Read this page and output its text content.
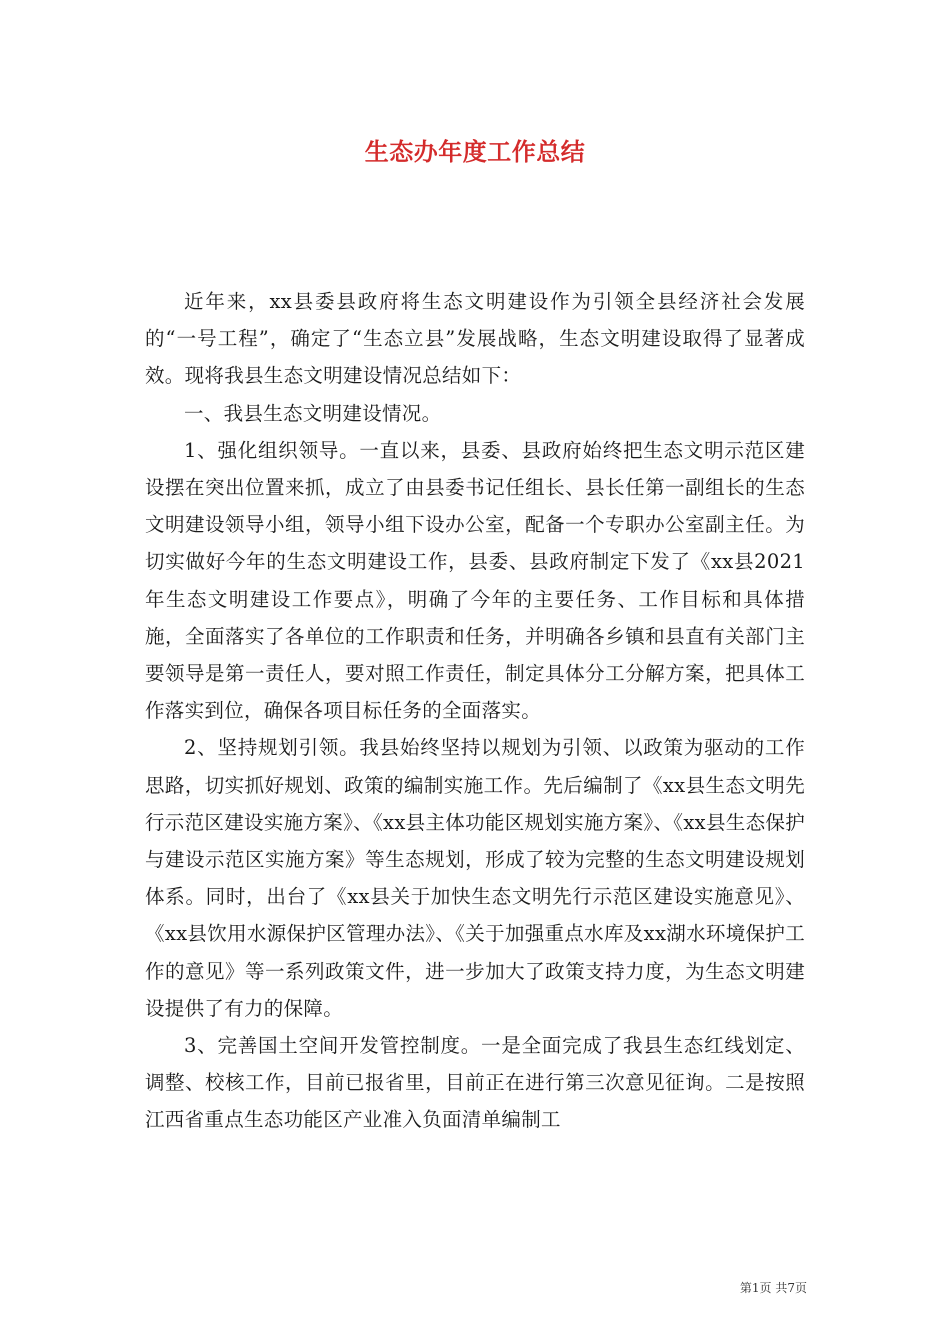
生态办年度工作总结

近年来，xx县委县政府将生态文明建设作为引领全县经济社会发展的“一号工程”，确定了“生态立县”发展战略，生态文明建设取得了显著成效。现将我县生态文明建设情况总结如下：

一、我县生态文明建设情况。

1、强化组织领导。一直以来，县委、县政府始终把生态文明示范区建设摆在突出位置来抓，成立了由县委书记任组长、县长任第一副组长的生态文明建设领导小组，领导小组下设办公室，配备一个专职办公室副主任。为切实做好今年的生态文明建设工作，县委、县政府制定下发了《xx县2021年生态文明建设工作要点》，明确了今年的主要任务、工作目标和具体措施，全面落实了各单位的工作职责和任务，并明确各乡镇和县直有关部门主要领导是第一责任人，要对照工作责任，制定具体分工分解方案，把具体工作落实到位，确保各项目标任务的全面落实。

2、坚持规划引领。我县始终坚持以规划为引领、以政策为驱动的工作思路，切实抓好规划、政策的编制实施工作。先后编制了《xx县生态文明先行示范区建设实施方案》、《xx县主体功能区规划实施方案》、《xx县生态保护与建设示范区实施方案》等生态规划，形成了较为完整的生态文明建设规划体系。同时，出台了《xx县关于加快生态文明先行示范区建设实施意见》、《xx县饮用水源保护区管理办法》、《关于加强重点水库及xx湖水环境保护工作的意见》等一系列政策文件，进一步加大了政策支持力度，为生态文明建设提供了有力的保障。

3、完善国土空间开发管控制度。一是全面完成了我县生态红线划定、调整、校核工作，目前已报省里，目前正在进行第三次意见征询。二是按照江西省重点生态功能区产业准入负面清单编制工

第1页 共7页
